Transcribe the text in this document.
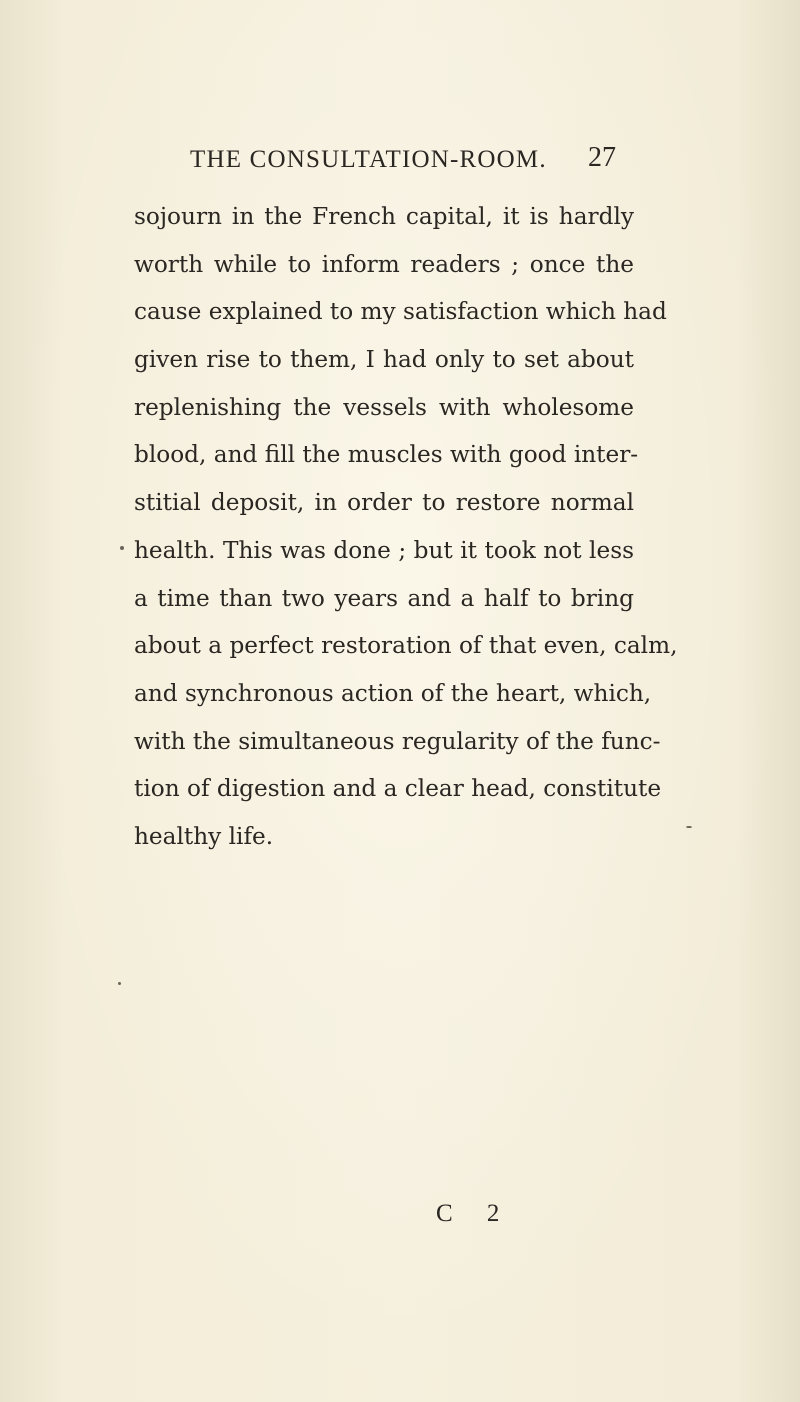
THE CONSULTATION-ROOM.	27
sojourn in the French capital, it is hardly
worth while to inform readers ; once the
cause explained to my satisfaction which had
given rise to them, I had only to set about
replenishing the vessels with wholesome
blood, and fill the muscles with good inter-
stitial deposit, in order to restore normal
health. This was done ; but it took not less
a time than two years and a half to bring
about a perfect restoration of that even, calm,
and synchronous action of the heart, which,
with the simultaneous regularity of the func-
tion of digestion and a clear head, constitute
healthy life.
C 2
